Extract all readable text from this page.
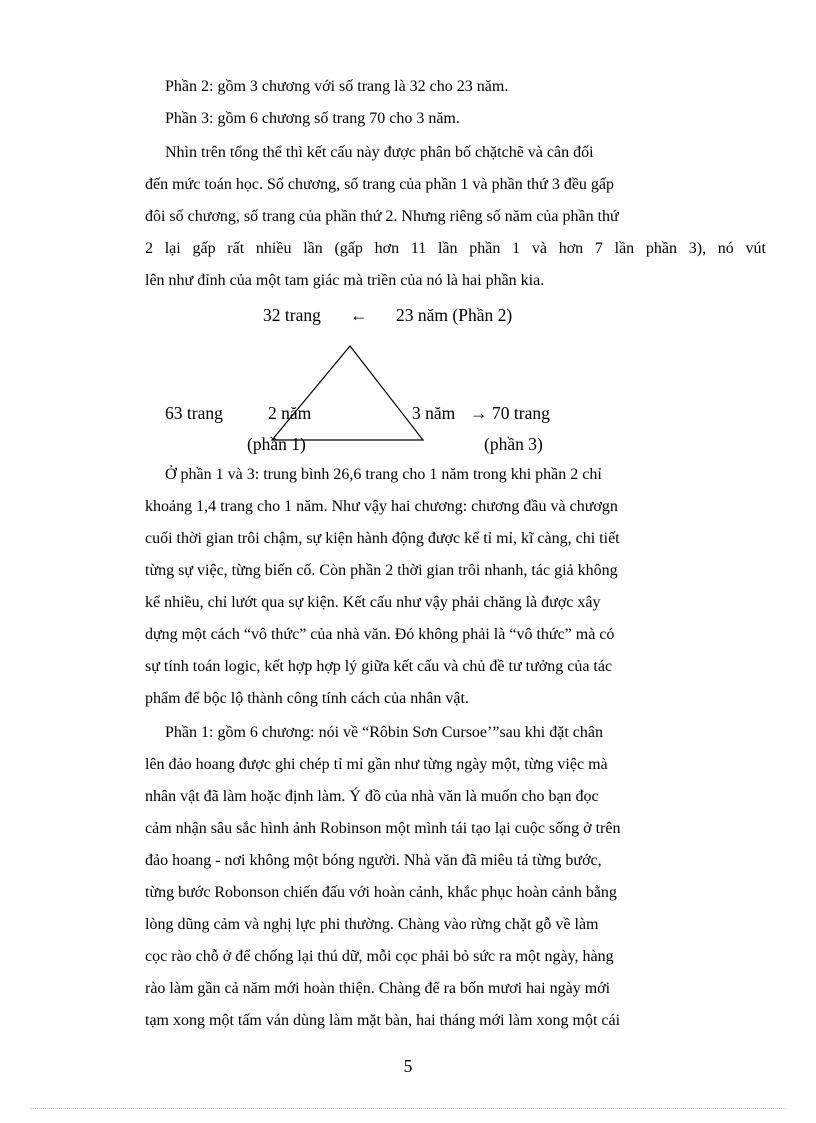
Phần 2: gồm 3 chương với số trang là 32 cho 23 năm.
Phần 3: gồm 6 chương số trang 70 cho 3 năm.
Nhìn trên tổng thể thì kết cấu này được phân bố chặtchẽ và cân đối
đến mức toán học. Số chương, số trang của phần 1 và phần thứ 3 đều gấp
đôi số chương, số trang của phần thứ 2. Nhưng riêng số năm của phần thứ
2 lại gấp rất nhiều lần (gấp hơn 11 lần phần 1 và hơn 7 lần phần 3), nó vút
lên như đỉnh của một tam giác mà triền của nó là hai phần kia.
32 trang ← 23 năm (Phần 2)
63 trang	2 năm
(phần 1)
3 năm → 70 trang
(phần 3)
Ở phần 1 và 3: trung bình 26,6 trang cho 1 năm trong khi phần 2 chỉ
khoảng 1,4 trang cho 1 năm. Như vậy hai chương: chương đầu và chươgn
cuối thời gian trôi chậm, sự kiện hành động được kể tỉ mỉ, kĩ càng, chi tiết
từng sự việc, từng biến cố. Còn phần 2 thời gian trôi nhanh, tác giả không
kể nhiều, chỉ lướt qua sự kiện. Kết cấu như vậy phải chăng là được xây
dựng một cách “vô thức” của nhà văn. Đó không phải là “vô thức” mà có
sự tính toán logic, kết hợp hợp lý giữa kết cấu và chủ đề tư tưởng của tác
phẩm để bộc lộ thành công tính cách của nhân vật.
Phần 1: gồm 6 chương: nói về “Rôbin Sơn Cursoe’”sau khi đặt chân
lên đảo hoang được ghi chép tỉ mỉ gần như từng ngày một, từng việc mà
nhân vật đã làm hoặc định làm. Ý đồ của nhà văn là muốn cho bạn đọc
cảm nhận sâu sắc hình ảnh Robinson một mình tái tạo lại cuộc sống ở trên
đảo hoang - nơi không một bóng người. Nhà văn đã miêu tả từng bước,
từng bước Robonson chiến đấu với hoàn cảnh, khắc phục hoàn cảnh bằng
lòng dũng cảm và nghị lực phi thường. Chàng vào rừng chặt gỗ về làm
cọc rào chỗ ở để chống lại thú dữ, mỗi cọc phải bỏ sức ra một ngày, hàng
rào làm gần cả năm mới hoàn thiện. Chàng để ra bốn mươi hai ngày mới
tạm xong một tấm ván dùng làm mặt bàn, hai tháng mới làm xong một cái
5
